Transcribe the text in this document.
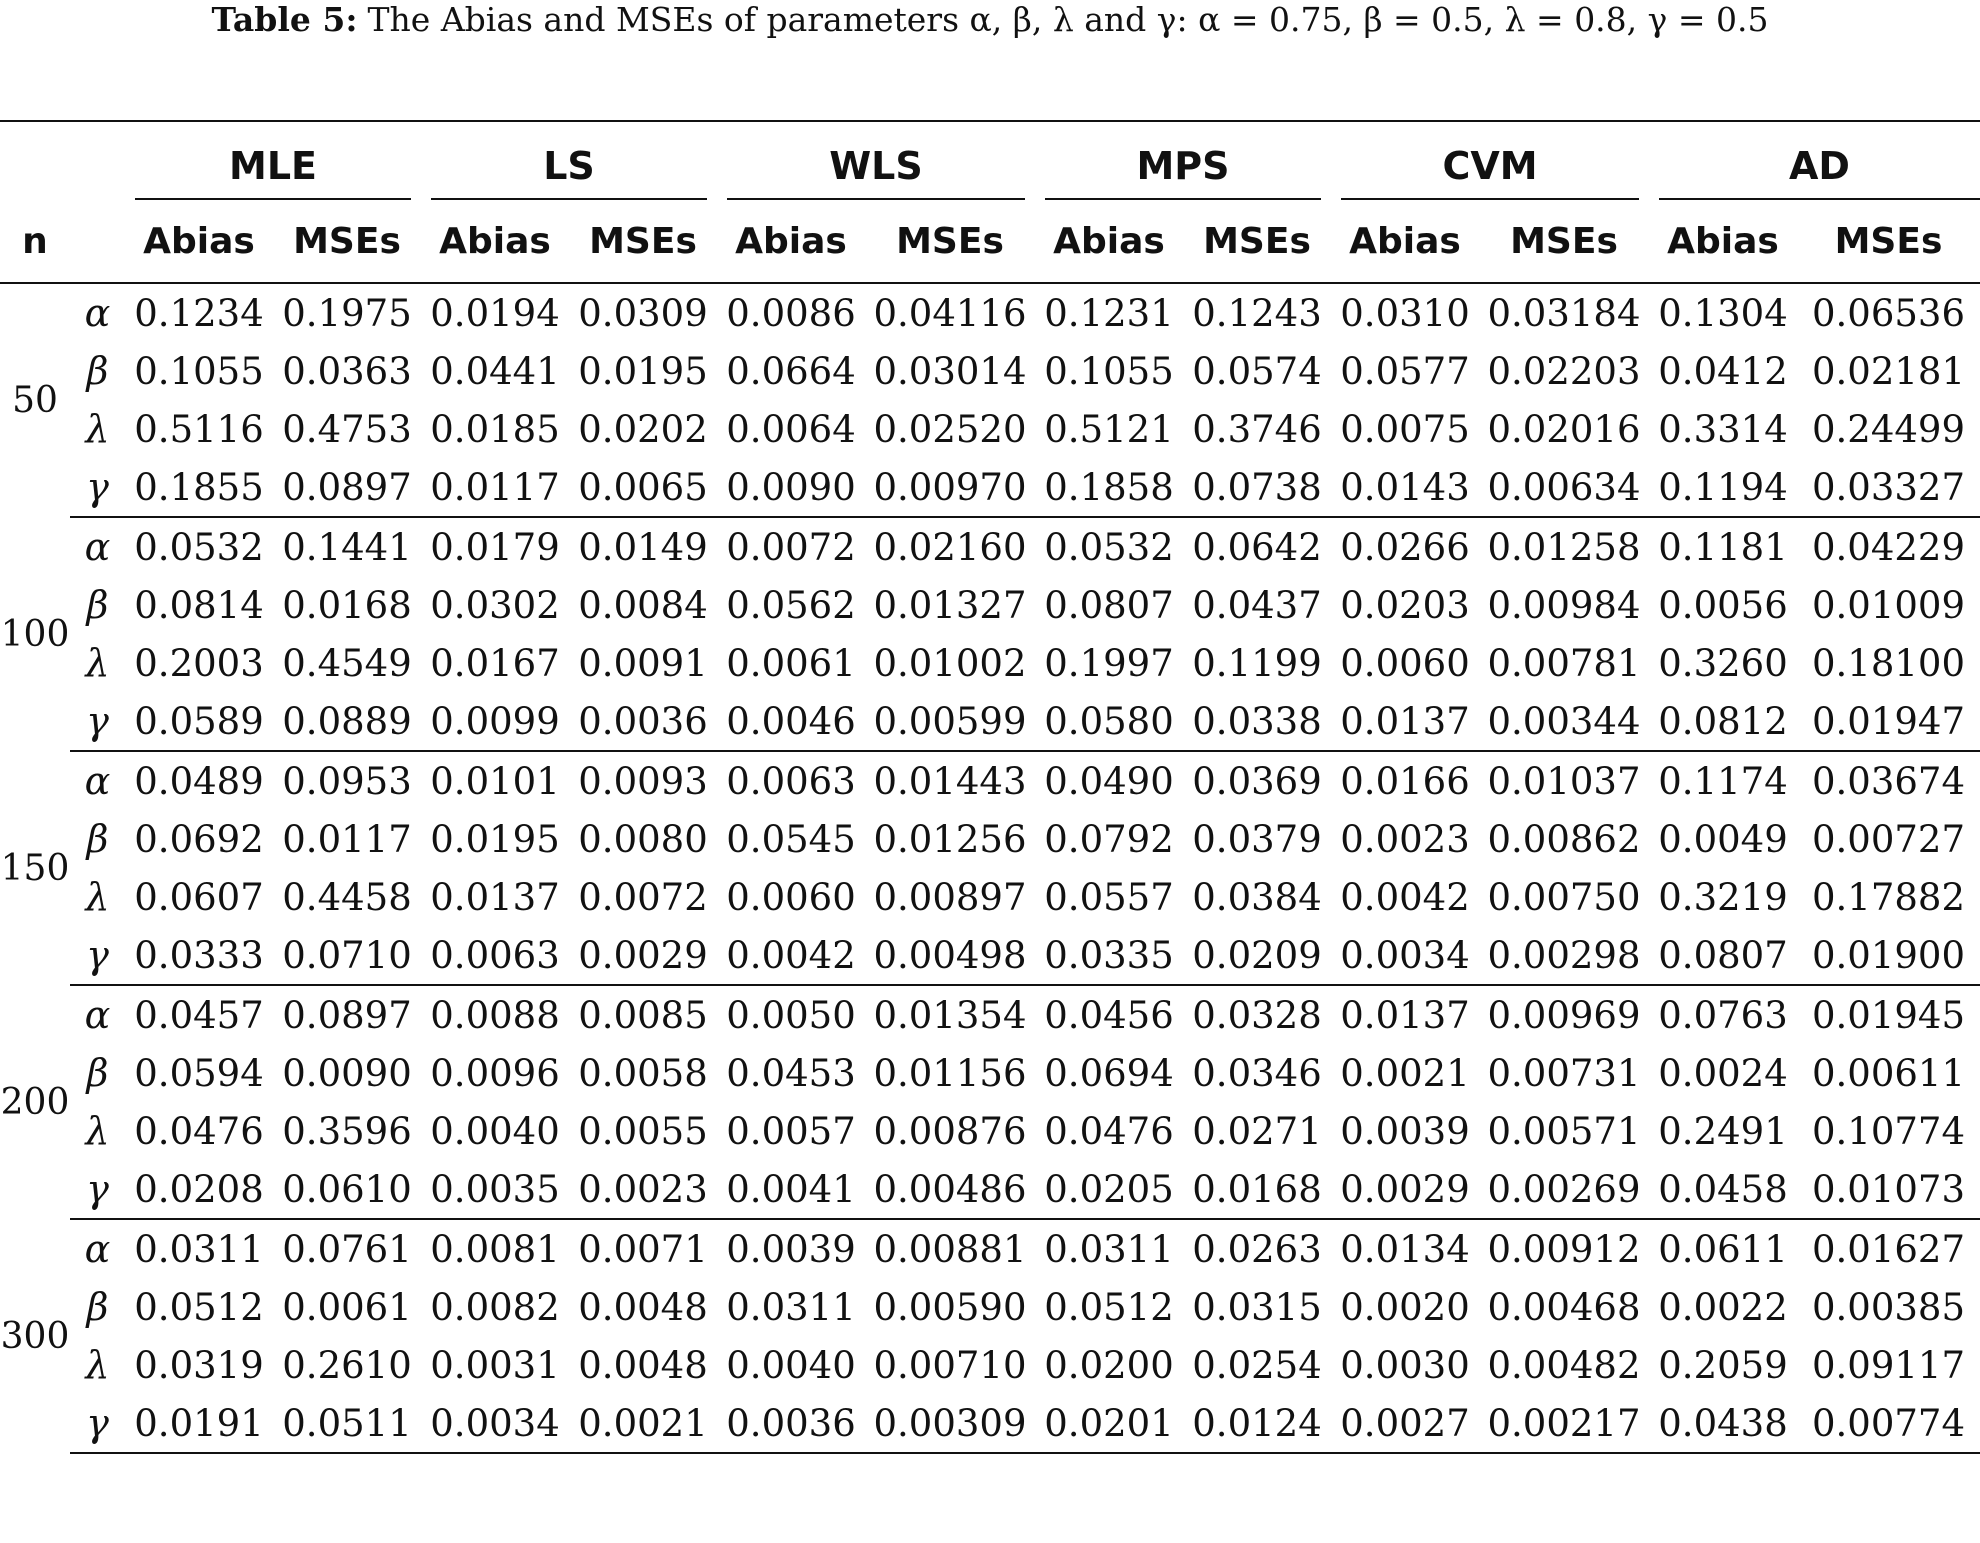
Table 5: The Abias and MSEs of parameters α, β, λ and γ: α = 0.75, β = 0.5, λ = 0.8, γ = 0.5

		MLE		LS		WLS		MPS		CVM		AD	
n		Abias	MSEs	Abias	MSEs	Abias	MSEs	Abias	MSEs	Abias	MSEs	Abias	MSEs
50	α	0.1234	0.1975	0.0194	0.0309	0.0086	0.04116	0.1231	0.1243	0.0310	0.03184	0.1304	0.06536
	β	0.1055	0.0363	0.0441	0.0195	0.0664	0.03014	0.1055	0.0574	0.0577	0.02203	0.0412	0.02181
	λ	0.5116	0.4753	0.0185	0.0202	0.0064	0.02520	0.5121	0.3746	0.0075	0.02016	0.3314	0.24499
	γ	0.1855	0.0897	0.0117	0.0065	0.0090	0.00970	0.1858	0.0738	0.0143	0.00634	0.1194	0.03327
100	α	0.0532	0.1441	0.0179	0.0149	0.0072	0.02160	0.0532	0.0642	0.0266	0.01258	0.1181	0.04229
	β	0.0814	0.0168	0.0302	0.0084	0.0562	0.01327	0.0807	0.0437	0.0203	0.00984	0.0056	0.01009
	λ	0.2003	0.4549	0.0167	0.0091	0.0061	0.01002	0.1997	0.1199	0.0060	0.00781	0.3260	0.18100
	γ	0.0589	0.0889	0.0099	0.0036	0.0046	0.00599	0.0580	0.0338	0.0137	0.00344	0.0812	0.01947
150	α	0.0489	0.0953	0.0101	0.0093	0.0063	0.01443	0.0490	0.0369	0.0166	0.01037	0.1174	0.03674
	β	0.0692	0.0117	0.0195	0.0080	0.0545	0.01256	0.0792	0.0379	0.0023	0.00862	0.0049	0.00727
	λ	0.0607	0.4458	0.0137	0.0072	0.0060	0.00897	0.0557	0.0384	0.0042	0.00750	0.3219	0.17882
	γ	0.0333	0.0710	0.0063	0.0029	0.0042	0.00498	0.0335	0.0209	0.0034	0.00298	0.0807	0.01900
200	α	0.0457	0.0897	0.0088	0.0085	0.0050	0.01354	0.0456	0.0328	0.0137	0.00969	0.0763	0.01945
	β	0.0594	0.0090	0.0096	0.0058	0.0453	0.01156	0.0694	0.0346	0.0021	0.00731	0.0024	0.00611
	λ	0.0476	0.3596	0.0040	0.0055	0.0057	0.00876	0.0476	0.0271	0.0039	0.00571	0.2491	0.10774
	γ	0.0208	0.0610	0.0035	0.0023	0.0041	0.00486	0.0205	0.0168	0.0029	0.00269	0.0458	0.01073
300	α	0.0311	0.0761	0.0081	0.0071	0.0039	0.00881	0.0311	0.0263	0.0134	0.00912	0.0611	0.01627
	β	0.0512	0.0061	0.0082	0.0048	0.0311	0.00590	0.0512	0.0315	0.0020	0.00468	0.0022	0.00385
	λ	0.0319	0.2610	0.0031	0.0048	0.0040	0.00710	0.0200	0.0254	0.0030	0.00482	0.2059	0.09117
	γ	0.0191	0.0511	0.0034	0.0021	0.0036	0.00309	0.0201	0.0124	0.0027	0.00217	0.0438	0.00774
